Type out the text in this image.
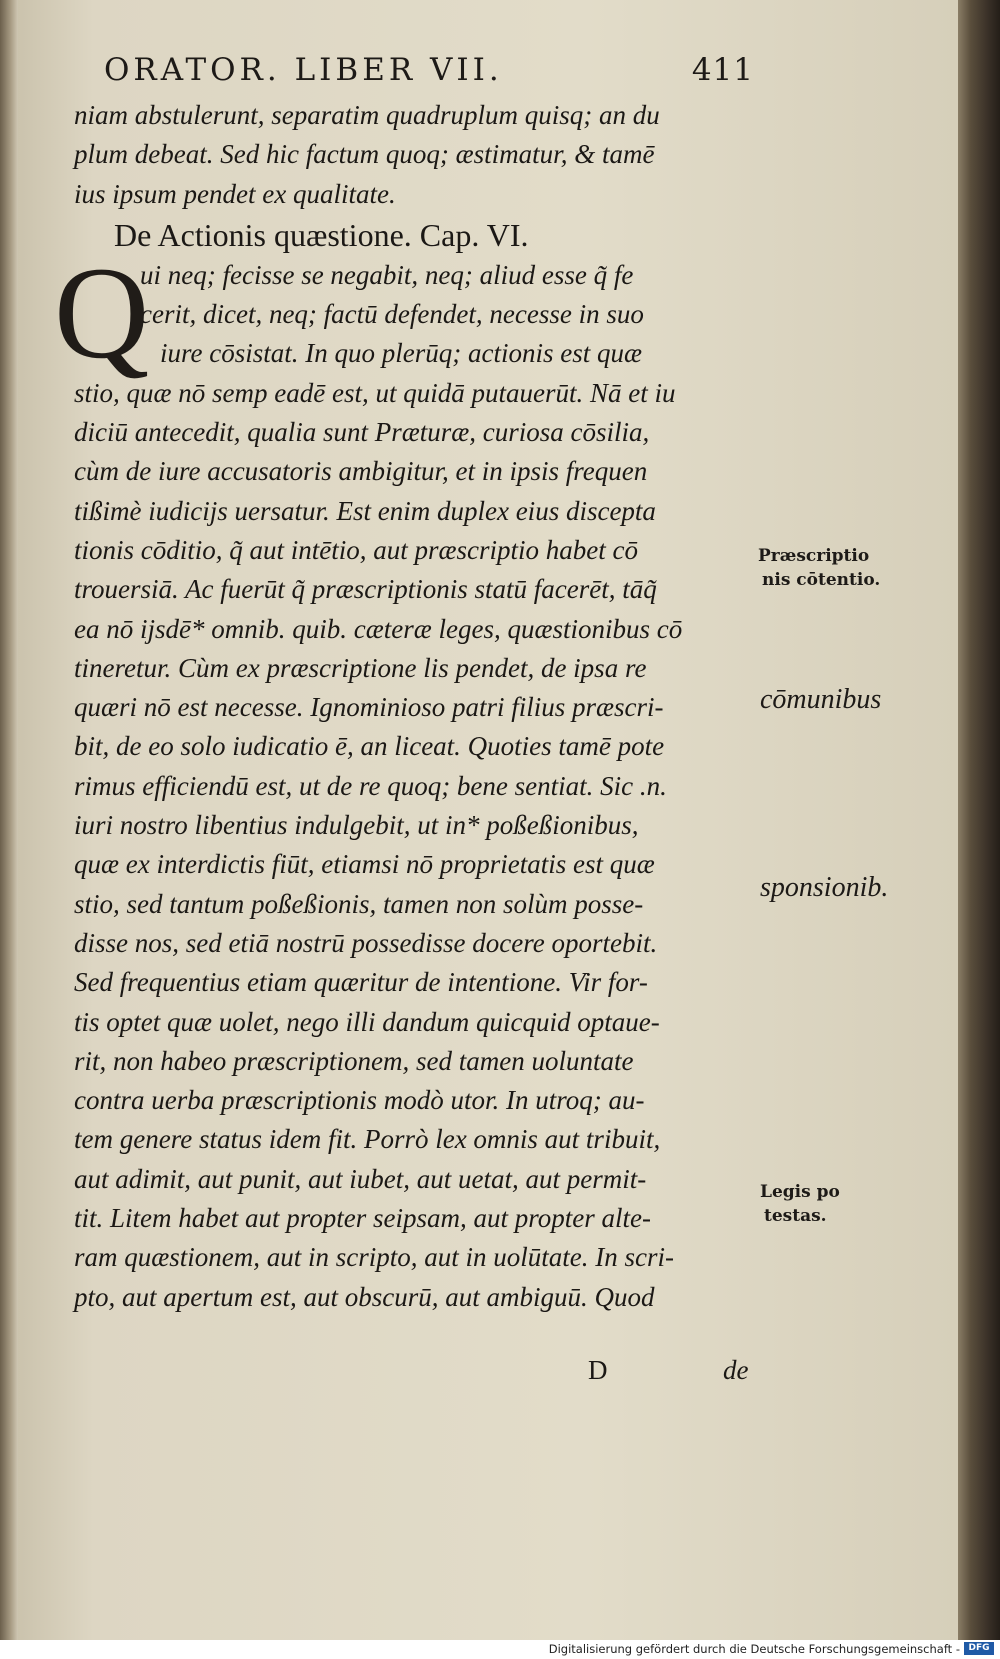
ORATOR. LIBER VII.	411
niam abstulerunt, separatim quadruplum quisq; an du
plum debeat. Sed hic factum quoq; æstimatur, & tamē
ius ipsum pendet ex qualitate.
De Actionis quæstione. Cap. VI.
Q
ui neq; fecisse se negabit, neq; aliud esse q̃ fe
cerit, dicet, neq; factū defendet, necesse in suo
iure cōsistat. In quo plerūq; actionis est quæ
stio, quæ nō semp eadē est, ut quidā putauerūt. Nā et iu
diciū antecedit, qualia sunt Præturæ, curiosa cōsilia,
cùm de iure accusatoris ambigitur, et in ipsis frequen
tißimè iudicijs uersatur. Est enim duplex eius discepta
tionis cōditio, q̃ aut intētio, aut præscriptio habet cō
trouersiā. Ac fuerūt q̃ præscriptionis statū facerēt, tāq̃
ea nō ijsdē* omnib. quib. cæteræ leges, quæstionibus cō
tineretur. Cùm ex præscriptione lis pendet, de ipsa re
quæri nō est necesse. Ignominioso patri filius præscri-
bit, de eo solo iudicatio ē, an liceat. Quoties tamē pote
rimus efficiendū est, ut de re quoq; bene sentiat. Sic .n.
iuri nostro libentius indulgebit, ut in* poßeßionibus,
quæ ex interdictis fiūt, etiamsi nō proprietatis est quæ
stio, sed tantum poßeßionis, tamen non solùm posse-
disse nos, sed etiā nostrū possedisse docere oportebit.
Sed frequentius etiam quæritur de intentione. Vir for-
tis optet quæ uolet, nego illi dandum quicquid optaue-
rit, non habeo præscriptionem, sed tamen uoluntate
contra uerba præscriptionis modò utor. In utroq; au-
tem genere status idem fit. Porrò lex omnis aut tribuit,
aut adimit, aut punit, aut iubet, aut uetat, aut permit-
tit. Litem habet aut propter seipsam, aut propter alte-
ram quæstionem, aut in scripto, aut in uolūtate. In scri-
pto, aut apertum est, aut obscurū, aut ambiguū. Quod
Præscriptio
nis cōtentio.
cōmunibus
sponsionib.
Legis po
testas.
D	de
Digitalisierung gefördert durch die Deutsche Forschungsgemeinschaft - DFG
